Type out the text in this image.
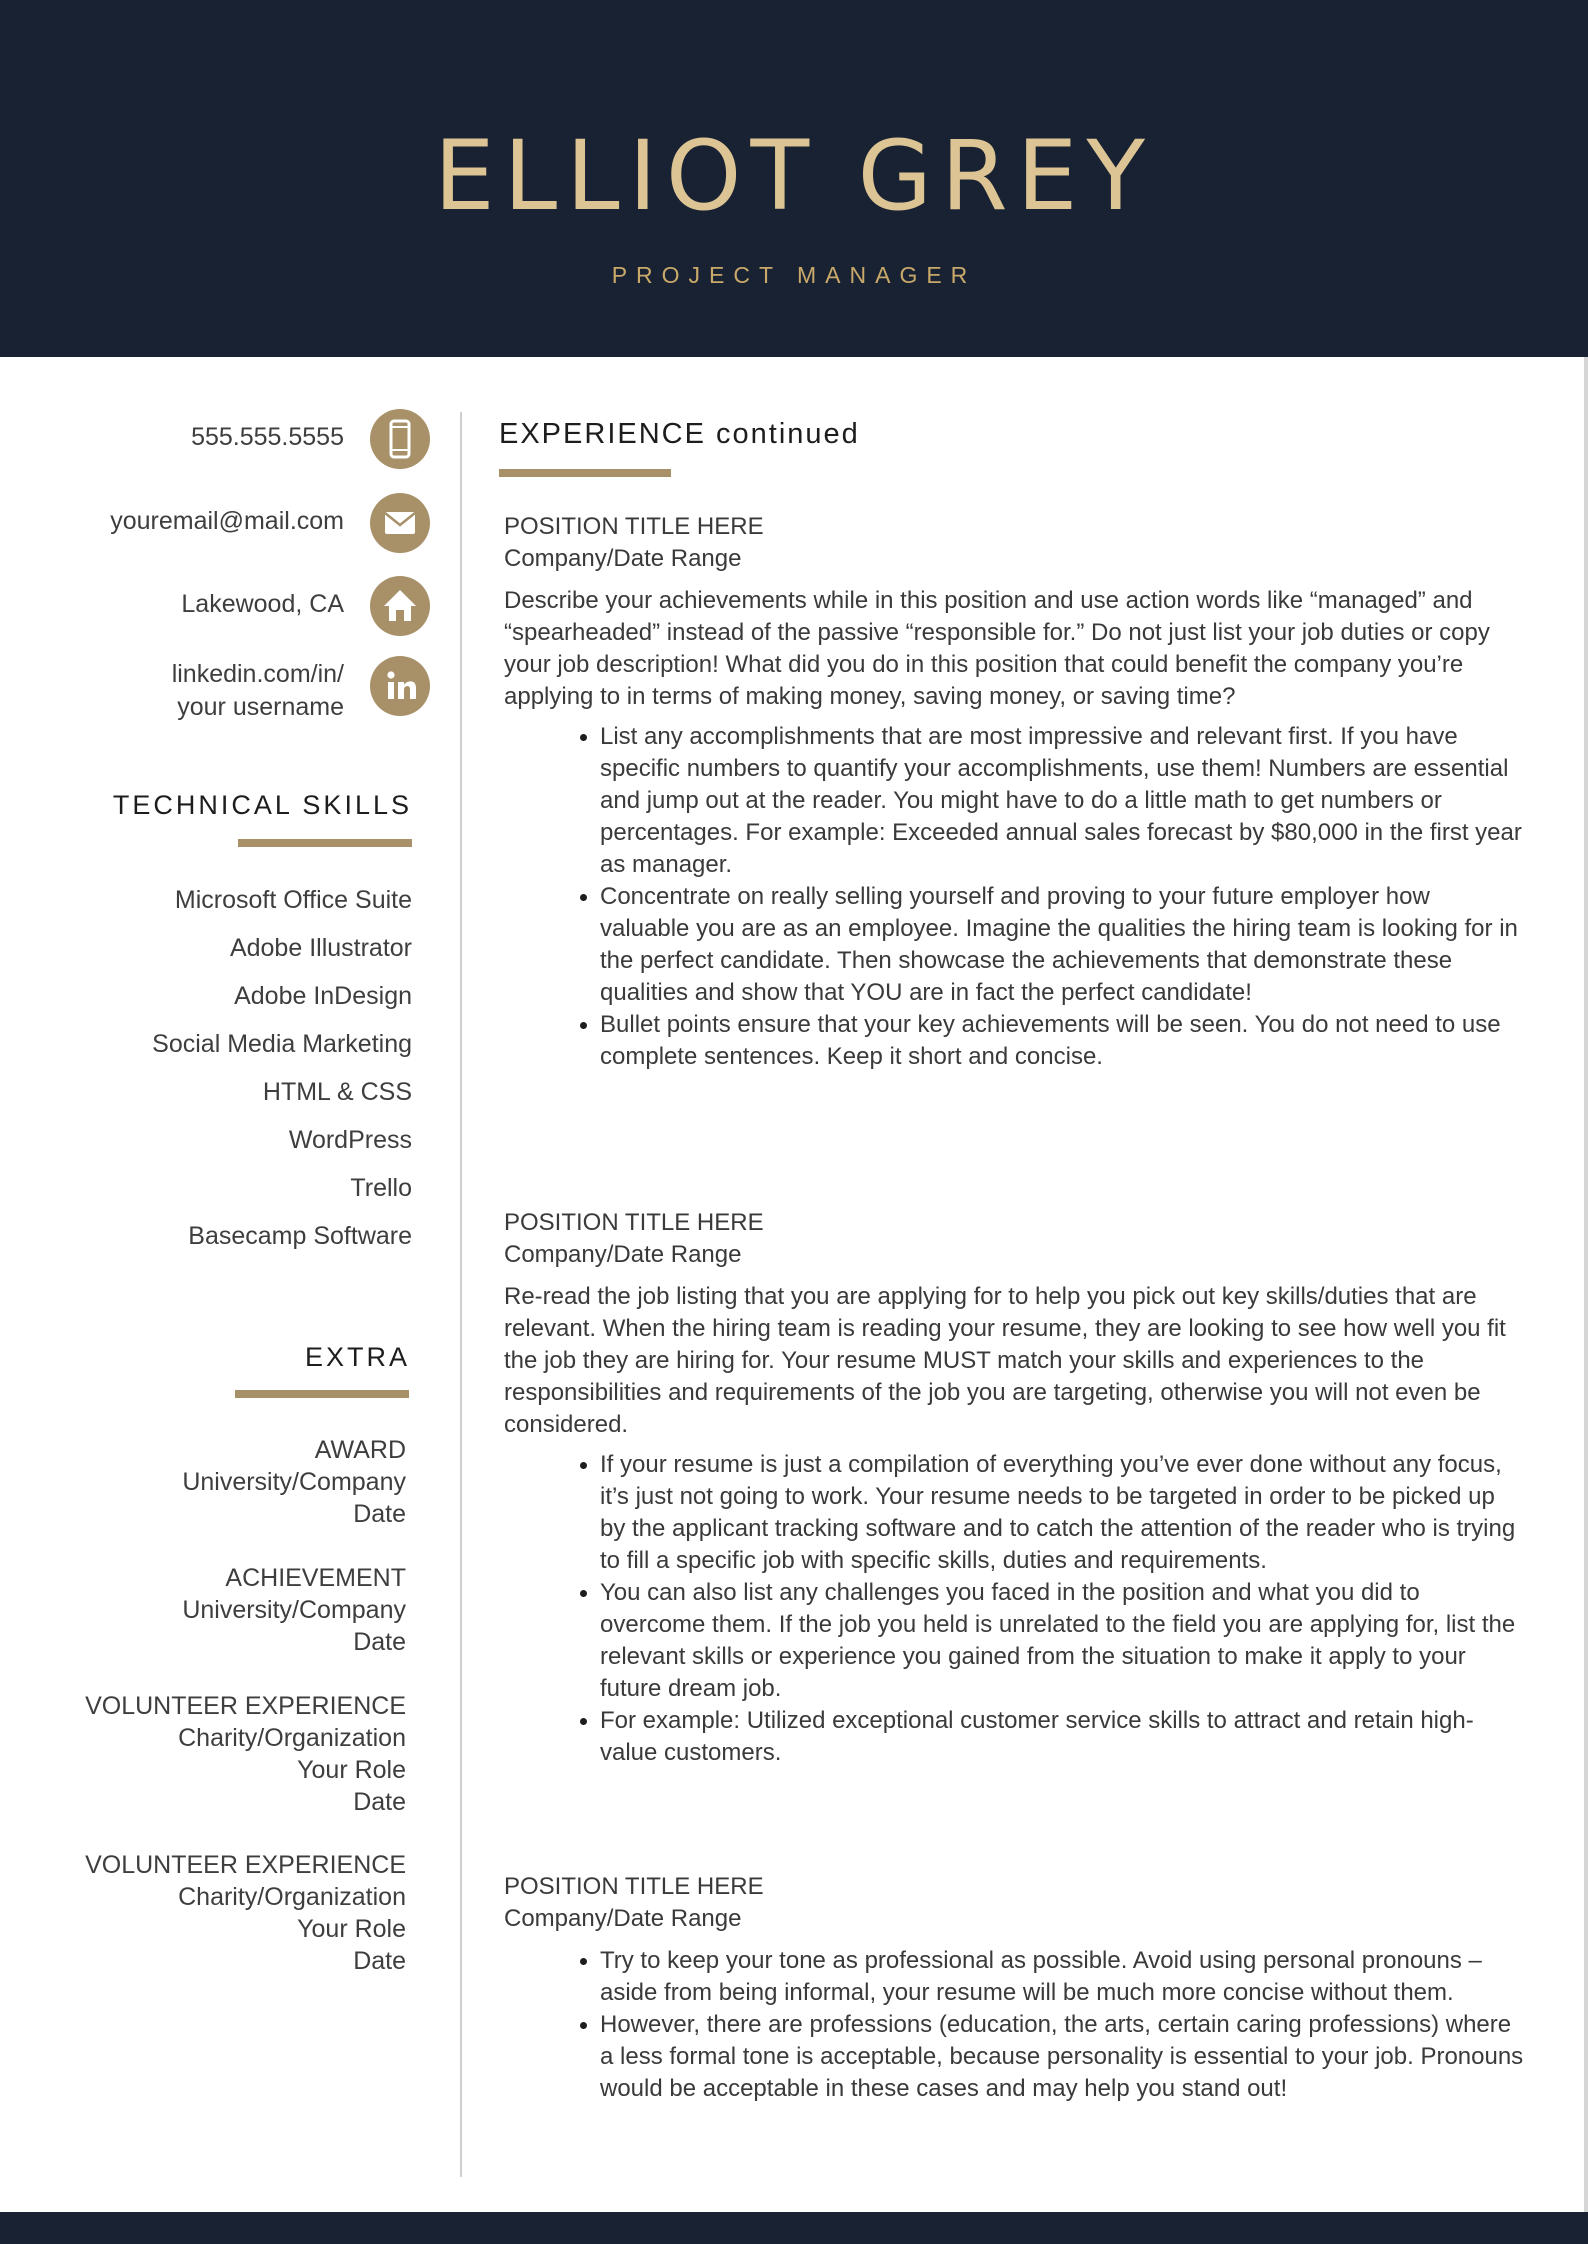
ELLIOT GREY
PROJECT MANAGER
555.555.5555
youremail@mail.com
Lakewood, CA
linkedin.com/in/
your username
TECHNICAL SKILLS
Microsoft Office Suite
Adobe Illustrator
Adobe InDesign
Social Media Marketing
HTML & CSS
WordPress
Trello
Basecamp Software
EXTRA
AWARD
University/Company
Date
ACHIEVEMENT
University/Company
Date
VOLUNTEER EXPERIENCE
Charity/Organization
Your Role
Date
VOLUNTEER EXPERIENCE
Charity/Organization
Your Role
Date
EXPERIENCE continued
POSITION TITLE HERE
Company/Date Range

Describe your achievements while in this position and use action words like “managed” and “spearheaded” instead of the passive “responsible for.” Do not just list your job duties or copy your job description! What did you do in this position that could benefit the company you’re applying to in terms of making money, saving money, or saving time?

• List any accomplishments that are most impressive and relevant first. If you have specific numbers to quantify your accomplishments, use them! Numbers are essential and jump out at the reader. You might have to do a little math to get numbers or percentages. For example: Exceeded annual sales forecast by $80,000 in the first year as manager.
• Concentrate on really selling yourself and proving to your future employer how valuable you are as an employee. Imagine the qualities the hiring team is looking for in the perfect candidate. Then showcase the achievements that demonstrate these qualities and show that YOU are in fact the perfect candidate!
• Bullet points ensure that your key achievements will be seen. You do not need to use complete sentences. Keep it short and concise.
POSITION TITLE HERE
Company/Date Range

Re-read the job listing that you are applying for to help you pick out key skills/duties that are relevant. When the hiring team is reading your resume, they are looking to see how well you fit the job they are hiring for. Your resume MUST match your skills and experiences to the responsibilities and requirements of the job you are targeting, otherwise you will not even be considered.

• If your resume is just a compilation of everything you’ve ever done without any focus, it’s just not going to work. Your resume needs to be targeted in order to be picked up by the applicant tracking software and to catch the attention of the reader who is trying to fill a specific job with specific skills, duties and requirements.
• You can also list any challenges you faced in the position and what you did to overcome them. If the job you held is unrelated to the field you are applying for, list the relevant skills or experience you gained from the situation to make it apply to your future dream job.
• For example: Utilized exceptional customer service skills to attract and retain high-value customers.
POSITION TITLE HERE
Company/Date Range
• Try to keep your tone as professional as possible. Avoid using personal pronouns –aside from being informal, your resume will be much more concise without them.
• However, there are professions (education, the arts, certain caring professions) where a less formal tone is acceptable, because personality is essential to your job. Pronouns would be acceptable in these cases and may help you stand out!
